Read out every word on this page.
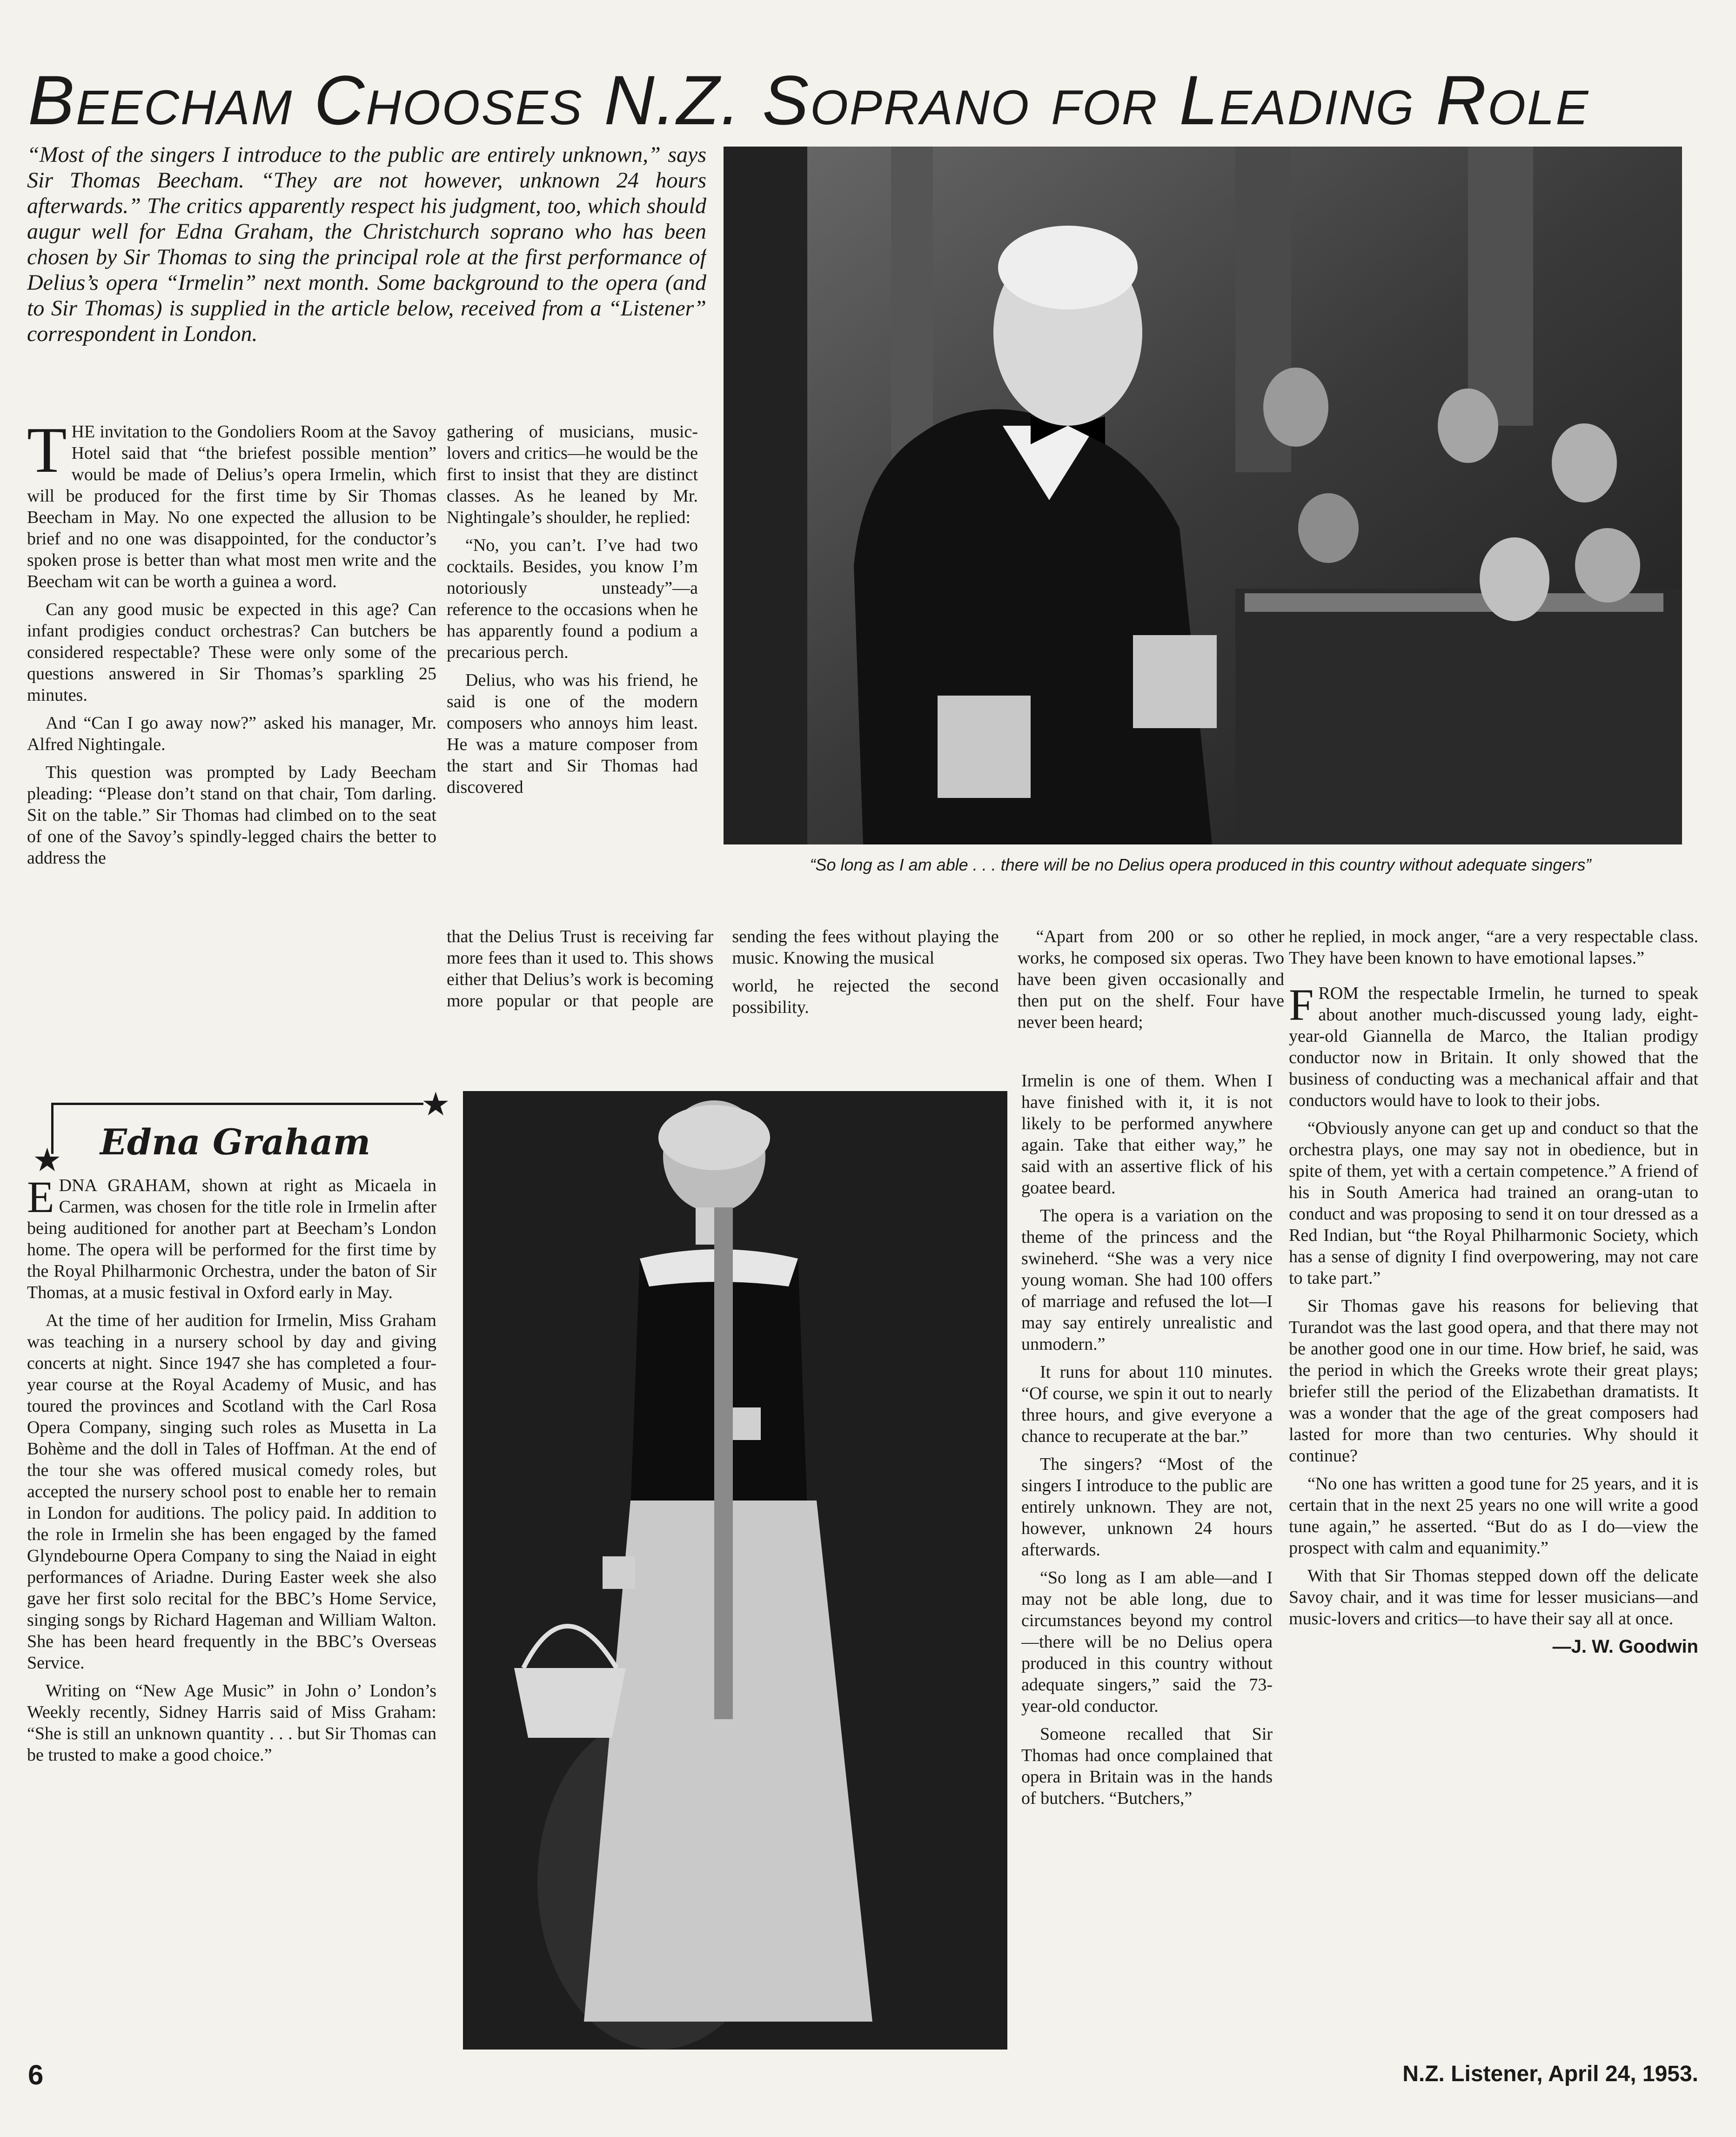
Beecham Chooses N.Z. Soprano for Leading Role
“Most of the singers I introduce to the public are entirely unknown,” says Sir Thomas Beecham. “They are not however, unknown 24 hours afterwards.” The critics apparently respect his judgment, too, which should augur well for Edna Graham, the Christchurch soprano who has been chosen by Sir Thomas to sing the principal role at the first performance of Delius’s opera “Irmelin” next month. Some background to the opera (and to Sir Thomas) is supplied in the article below, received from a “Listener” correspondent in London.
“So long as I am able . . . there will be no Delius opera produced in this country without adequate singers”

THE invitation to the Gondoliers Room at the Savoy Hotel said that “the briefest possible mention” would be made of Delius’s opera Irmelin, which will be produced for the first time by Sir Thomas Beecham in May. No one expected the allusion to be brief and no one was disappointed, for the conductor’s spoken prose is better than what most men write and the Beecham wit can be worth a guinea a word.

Can any good music be expected in this age? Can infant prodigies conduct orchestras? Can butchers be considered respectable? These were only some of the questions answered in Sir Thomas’s sparkling 25 minutes.

And “Can I go away now?” asked his manager, Mr. Alfred Nightingale.

This question was prompted by Lady Beecham pleading: “Please don’t stand on that chair, Tom darling. Sit on the table.” Sir Thomas had climbed on to the seat of one of the Savoy’s spindly-legged chairs the better to address the

gathering of musicians, music-lovers and critics—he would be the first to insist that they are distinct classes. As he leaned by Mr. Nightingale’s shoulder, he replied:

“No, you can’t. I’ve had two cocktails. Besides, you know I’m notoriously unsteady”—a reference to the occasions when he has apparently found a podium a precarious perch.

Delius, who was his friend, he said is one of the modern composers who annoys him least. He was a mature composer from the start and Sir Thomas had discovered

that the Delius Trust is receiving far more fees than it used to. This shows either that Delius’s work is becoming more popular or that people are sending the fees without playing the music. Knowing the musical

world, he rejected the second possibility.

“Apart from 200 or so other works, he composed six operas. Two have been given occasionally and then put on the shelf. Four have never been heard;

★
★ Edna Graham

EDNA GRAHAM, shown at right as Micaela in Carmen, was chosen for the title role in Irmelin after being auditioned for another part at Beecham’s London home. The opera will be performed for the first time by the Royal Philharmonic Orchestra, under the baton of Sir Thomas, at a music festival in Oxford early in May.

At the time of her audition for Irmelin, Miss Graham was teaching in a nursery school by day and giving concerts at night. Since 1947 she has completed a four-year course at the Royal Academy of Music, and has toured the provinces and Scotland with the Carl Rosa Opera Company, singing such roles as Musetta in La Bohème and the doll in Tales of Hoffman. At the end of the tour she was offered musical comedy roles, but accepted the nursery school post to enable her to remain in London for auditions. The policy paid. In addition to the role in Irmelin she has been engaged by the famed Glyndebourne Opera Company to sing the Naiad in eight performances of Ariadne. During Easter week she also gave her first solo recital for the BBC’s Home Service, singing songs by Richard Hageman and William Walton. She has been heard frequently in the BBC’s Overseas Service.

Writing on “New Age Music” in John o’ London’s Weekly recently, Sidney Harris said of Miss Graham: “She is still an unknown quantity . . . but Sir Thomas can be trusted to make a good choice.”

Irmelin is one of them. When I have finished with it, it is not likely to be performed anywhere again. Take that either way,” he said with an assertive flick of his goatee beard.

The opera is a variation on the theme of the princess and the swineherd. “She was a very nice young woman. She had 100 offers of marriage and refused the lot—I may say entirely unrealistic and unmodern.”

It runs for about 110 minutes. “Of course, we spin it out to nearly three hours, and give everyone a chance to recuperate at the bar.”

The singers? “Most of the singers I introduce to the public are entirely unknown. They are not, however, unknown 24 hours afterwards.

“So long as I am able—and I may not be able long, due to circumstances beyond my control—there will be no Delius opera produced in this country without adequate singers,” said the 73-year-old conductor.

Someone recalled that Sir Thomas had once complained that opera in Britain was in the hands of butchers. “Butchers,”

he replied, in mock anger, “are a very respectable class. They have been known to have emotional lapses.”

FROM the respectable Irmelin, he turned to speak about another much-discussed young lady, eight-year-old Giannella de Marco, the Italian prodigy conductor now in Britain. It only showed that the business of conducting was a mechanical affair and that conductors would have to look to their jobs.

“Obviously anyone can get up and conduct so that the orchestra plays, one may say not in obedience, but in spite of them, yet with a certain competence.” A friend of his in South America had trained an orang-utan to conduct and was proposing to send it on tour dressed as a Red Indian, but “the Royal Philharmonic Society, which has a sense of dignity I find overpowering, may not care to take part.”

Sir Thomas gave his reasons for believing that Turandot was the last good opera, and that there may not be another good one in our time. How brief, he said, was the period in which the Greeks wrote their great plays; briefer still the period of the Elizabethan dramatists. It was a wonder that the age of the great composers had lasted for more than two centuries. Why should it continue?

“No one has written a good tune for 25 years, and it is certain that in the next 25 years no one will write a good tune again,” he asserted. “But do as I do—view the prospect with calm and equanimity.”

With that Sir Thomas stepped down off the delicate Savoy chair, and it was time for lesser musicians—and music-lovers and critics—to have their say all at once.

—J. W. Goodwin
6	N.Z. Listener, April 24, 1953.
